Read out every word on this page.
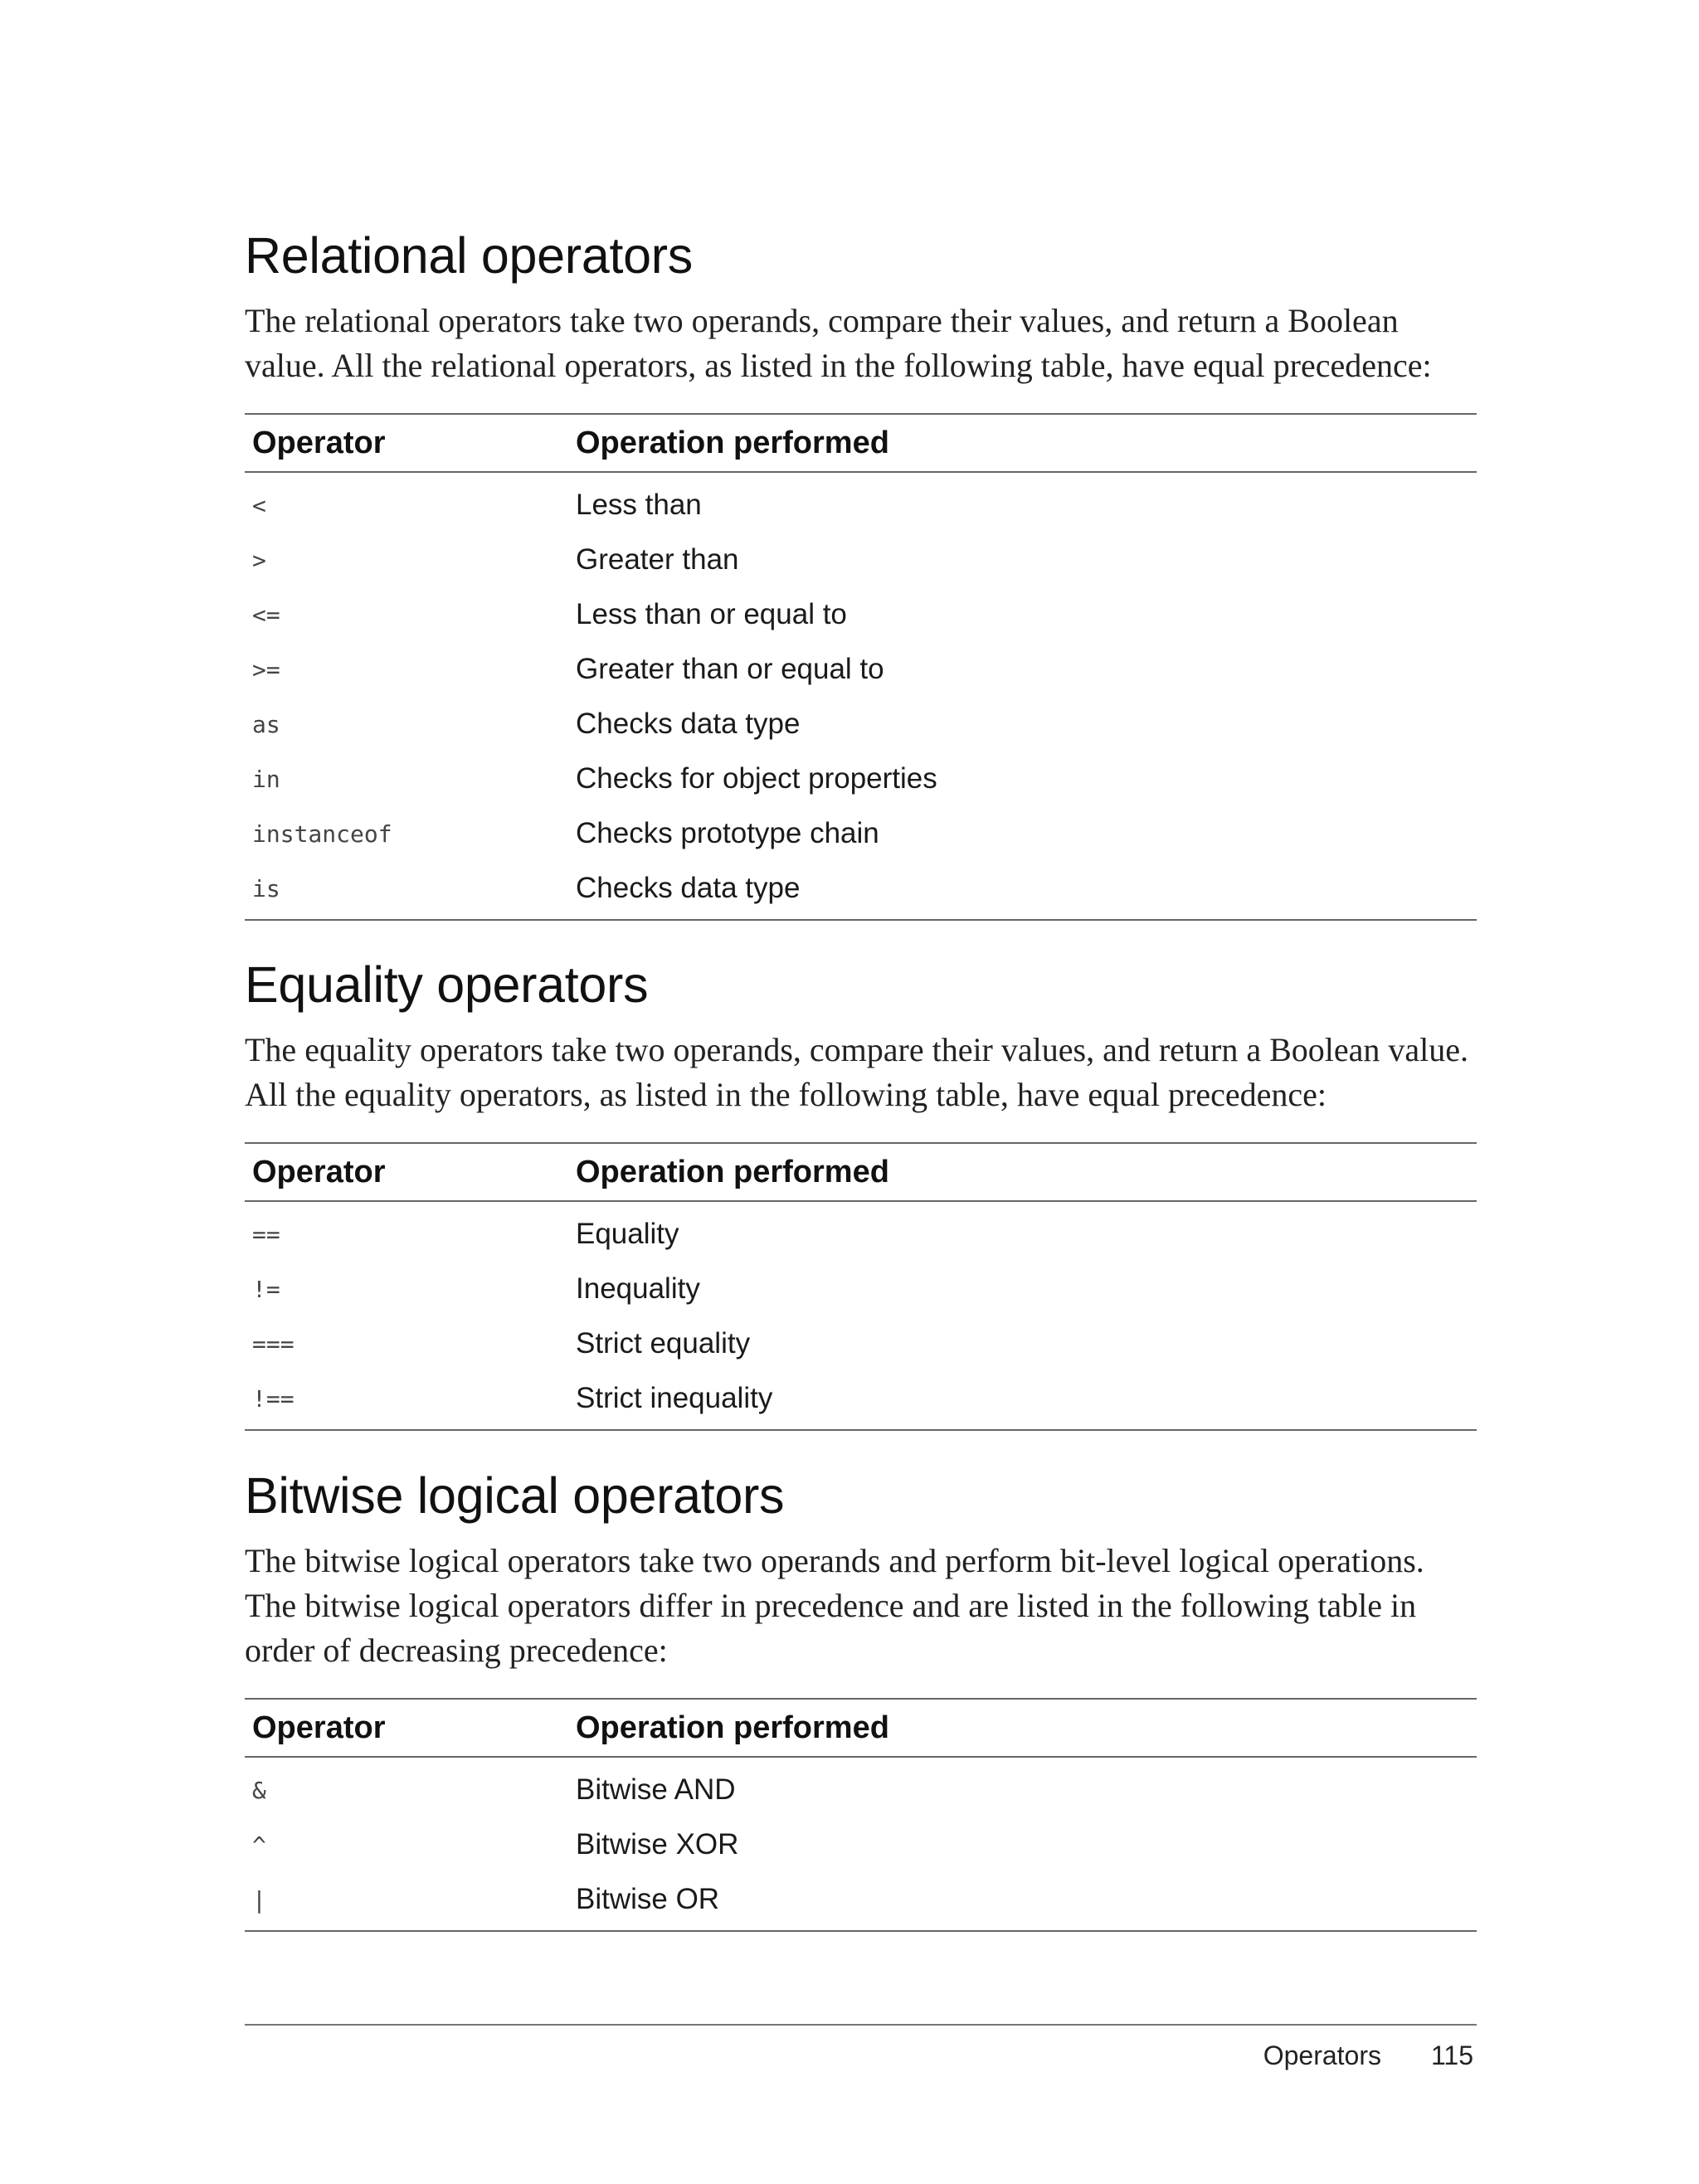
Relational operators

The relational operators take two operands, compare their values, and return a Boolean value. All the relational operators, as listed in the following table, have equal precedence:

Operator	Operation performed
<	Less than
>	Greater than
<=	Less than or equal to
>=	Greater than or equal to
as	Checks data type
in	Checks for object properties
instanceof	Checks prototype chain
is	Checks data type
Equality operators

The equality operators take two operands, compare their values, and return a Boolean value. All the equality operators, as listed in the following table, have equal precedence:

Operator	Operation performed
==	Equality
!=	Inequality
===	Strict equality
!==	Strict inequality
Bitwise logical operators

The bitwise logical operators take two operands and perform bit-level logical operations. The bitwise logical operators differ in precedence and are listed in the following table in order of decreasing precedence:

Operator	Operation performed
&	Bitwise AND
^	Bitwise XOR
|	Bitwise OR
Operators 115
